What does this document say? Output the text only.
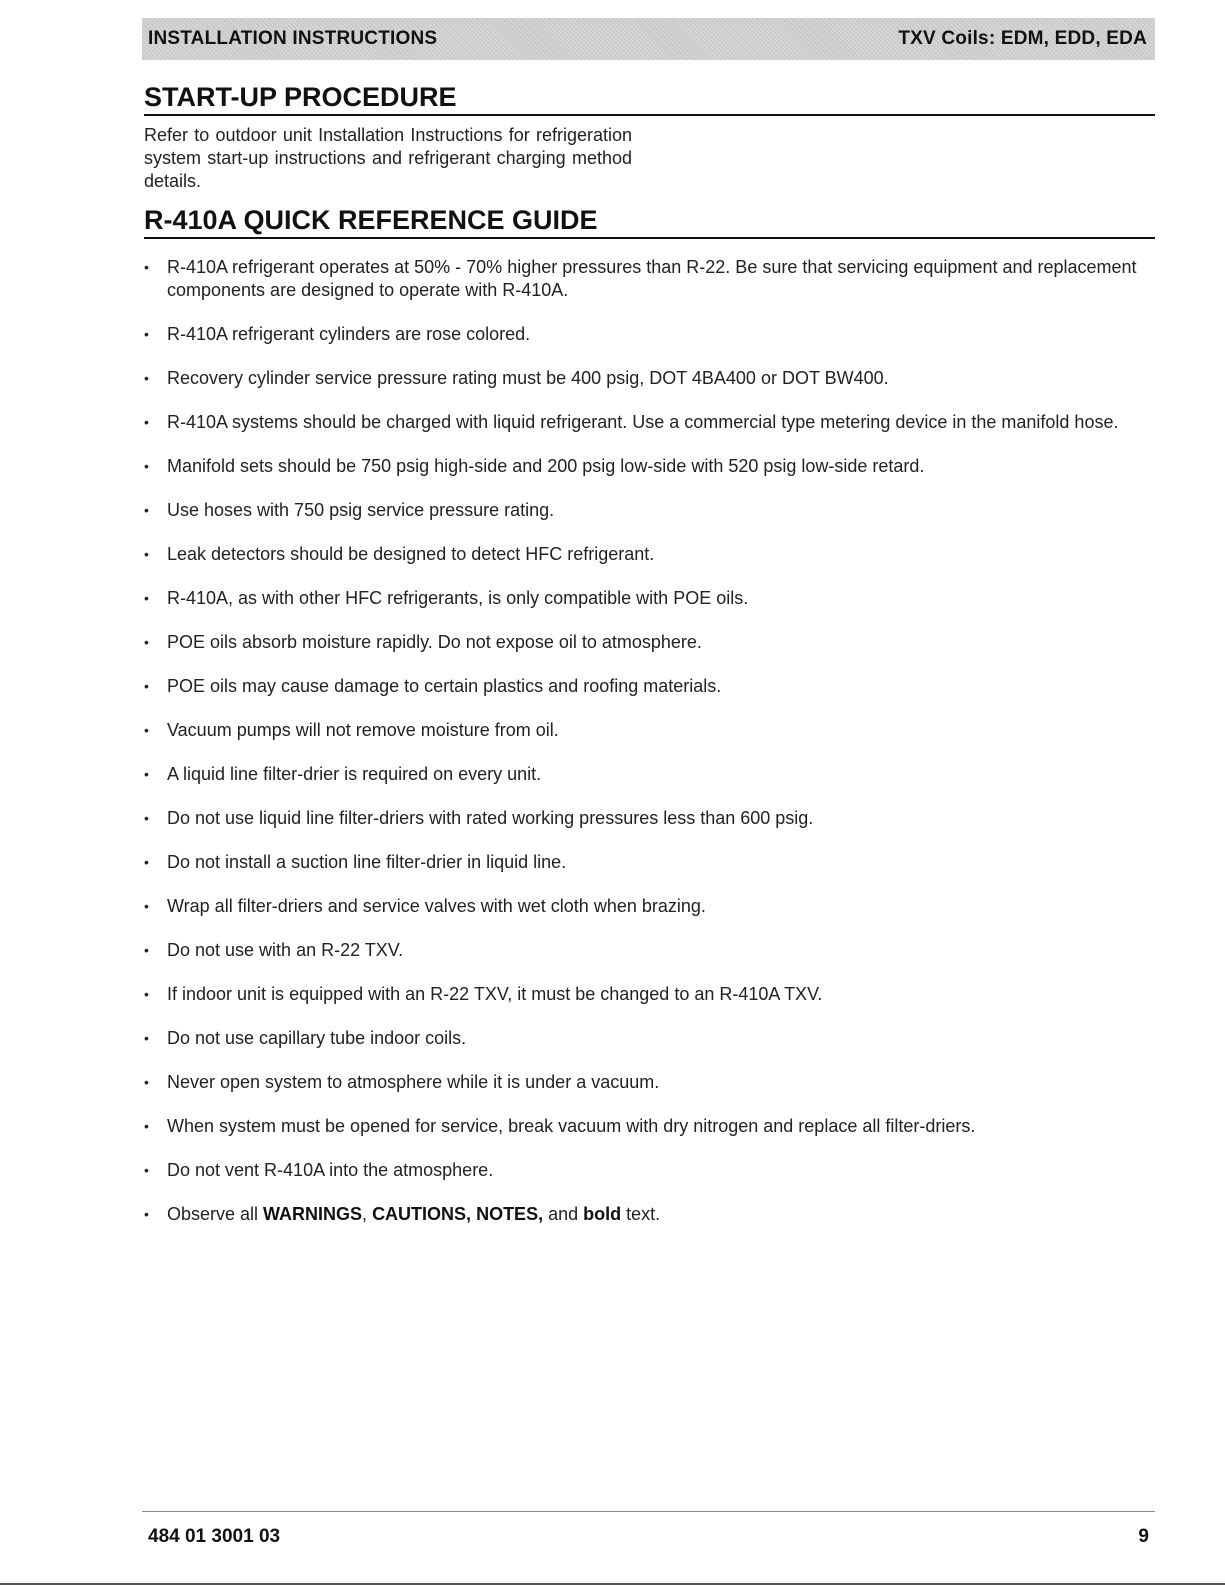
INSTALLATION INSTRUCTIONS	TXV Coils: EDM, EDD, EDA
START-UP PROCEDURE
Refer to outdoor unit Installation Instructions for refrigeration system start-up instructions and refrigerant charging method details.
R-410A QUICK REFERENCE GUIDE
• R-410A refrigerant operates at 50% - 70% higher pressures than R-22. Be sure that servicing equipment and replacement components are designed to operate with R-410A.
• R-410A refrigerant cylinders are rose colored.
• Recovery cylinder service pressure rating must be 400 psig, DOT 4BA400 or DOT BW400.
• R-410A systems should be charged with liquid refrigerant. Use a commercial type metering device in the manifold hose.
• Manifold sets should be 750 psig high-side and 200 psig low-side with 520 psig low-side retard.
• Use hoses with 750 psig service pressure rating.
• Leak detectors should be designed to detect HFC refrigerant.
• R-410A, as with other HFC refrigerants, is only compatible with POE oils.
• POE oils absorb moisture rapidly. Do not expose oil to atmosphere.
• POE oils may cause damage to certain plastics and roofing materials.
• Vacuum pumps will not remove moisture from oil.
• A liquid line filter-drier is required on every unit.
• Do not use liquid line filter-driers with rated working pressures less than 600 psig.
• Do not install a suction line filter-drier in liquid line.
• Wrap all filter-driers and service valves with wet cloth when brazing.
• Do not use with an R-22 TXV.
• If indoor unit is equipped with an R-22 TXV, it must be changed to an R-410A TXV.
• Do not use capillary tube indoor coils.
• Never open system to atmosphere while it is under a vacuum.
• When system must be opened for service, break vacuum with dry nitrogen and replace all filter-driers.
• Do not vent R-410A into the atmosphere.
• Observe all WARNINGS, CAUTIONS, NOTES, and bold text.
484 01 3001 03	9
